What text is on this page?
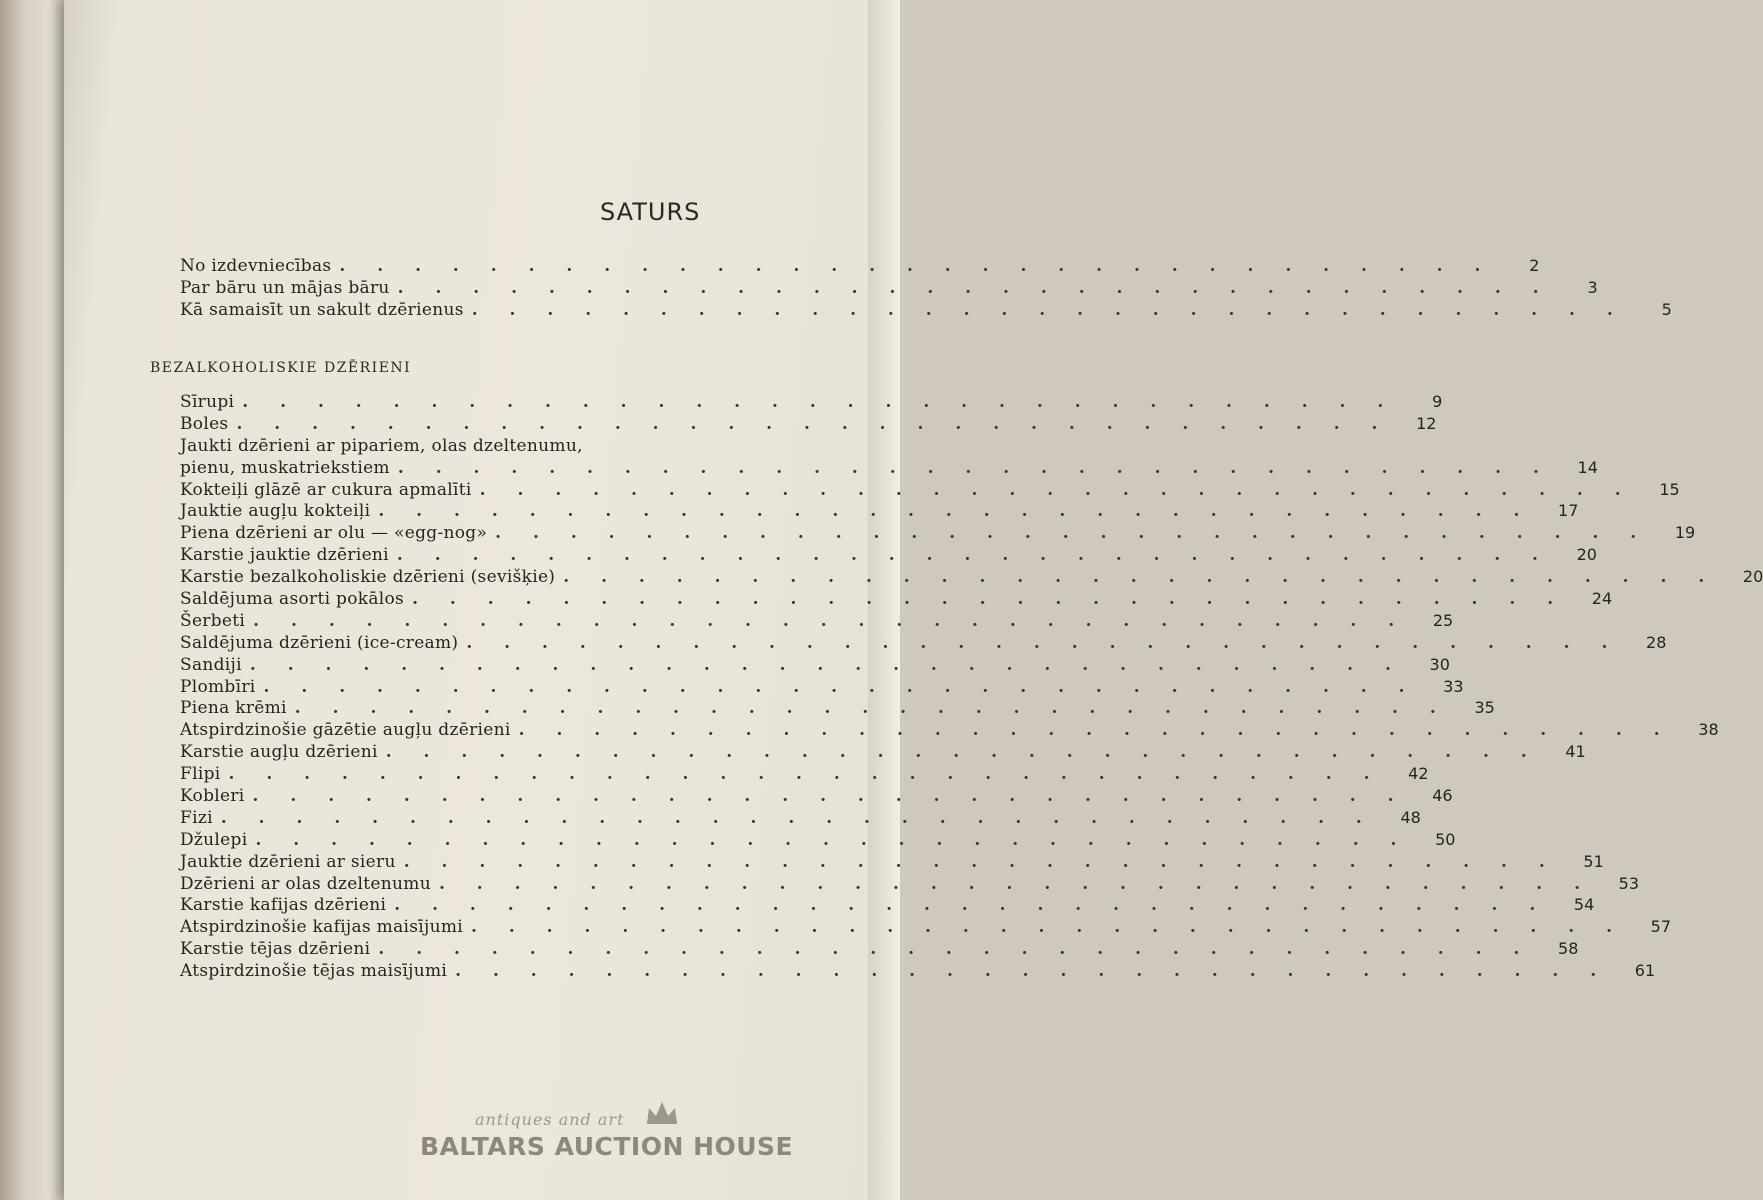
SATURS
No izdevniecības . . . . . . . . . . . . . . . . . . . . . . . . . . . . . . .	2
Par bāru un mājas bāru . . . . . . . . . . . . . . . . . . . . . . . . . . . . . . .	3
Kā samaisīt un sakult dzērienus . . . . . . . . . . . . . . . . . . . . . . . . . . . . . . .	5
BEZALKOHOLISKIE DZĒRIENI
Sīrupi . . . . . . . . . . . . . . . . . . . . . . . . . . . . . . .	9
Boles . . . . . . . . . . . . . . . . . . . . . . . . . . . . . . .	12
Jaukti dzērieni ar pipariem, olas dzeltenumu,
pienu, muskatriekstiem . . . . . . . . . . . . . . . . . . . . . . . . . . . . . . .	14
Kokteiļi glāzē ar cukura apmalīti . . . . . . . . . . . . . . . . . . . . . . . . . . . . . . .	15
Jauktie augļu kokteiļi . . . . . . . . . . . . . . . . . . . . . . . . . . . . . . .	17
Piena dzērieni ar olu — «egg-nog» . . . . . . . . . . . . . . . . . . . . . . . . . . . . . . .	19
Karstie jauktie dzērieni . . . . . . . . . . . . . . . . . . . . . . . . . . . . . . .	20
Karstie bezalkoholiskie dzērieni (sevišķie) . . . . . . . . . . . . . . . . . . . . . . . . . . . . . . .	20
Saldējuma asorti pokālos . . . . . . . . . . . . . . . . . . . . . . . . . . . . . . .	24
Šerbeti . . . . . . . . . . . . . . . . . . . . . . . . . . . . . . .	25
Saldējuma dzērieni (ice-cream) . . . . . . . . . . . . . . . . . . . . . . . . . . . . . . .	28
Sandiji . . . . . . . . . . . . . . . . . . . . . . . . . . . . . . .	30
Plombīri . . . . . . . . . . . . . . . . . . . . . . . . . . . . . . .	33
Piena krēmi . . . . . . . . . . . . . . . . . . . . . . . . . . . . . . .	35
Atspirdzinošie gāzētie augļu dzērieni . . . . . . . . . . . . . . . . . . . . . . . . . . . . . . .	38
Karstie augļu dzērieni . . . . . . . . . . . . . . . . . . . . . . . . . . . . . . .	41
Flipi . . . . . . . . . . . . . . . . . . . . . . . . . . . . . . .	42
Kobleri . . . . . . . . . . . . . . . . . . . . . . . . . . . . . . .	46
Fizi . . . . . . . . . . . . . . . . . . . . . . . . . . . . . . .	48
Džulepi . . . . . . . . . . . . . . . . . . . . . . . . . . . . . . .	50
Jauktie dzērieni ar sieru . . . . . . . . . . . . . . . . . . . . . . . . . . . . . . .	51
Dzērieni ar olas dzeltenumu . . . . . . . . . . . . . . . . . . . . . . . . . . . . . . .	53
Karstie kafijas dzērieni . . . . . . . . . . . . . . . . . . . . . . . . . . . . . . .	54
Atspirdzinošie kafijas maisījumi . . . . . . . . . . . . . . . . . . . . . . . . . . . . . . .	57
Karstie tējas dzērieni . . . . . . . . . . . . . . . . . . . . . . . . . . . . . . .	58
Atspirdzinošie tējas maisījumi . . . . . . . . . . . . . . . . . . . . . . . . . . . . . . .	61
antiques and art
BALTARS AUCTION HOUSE
